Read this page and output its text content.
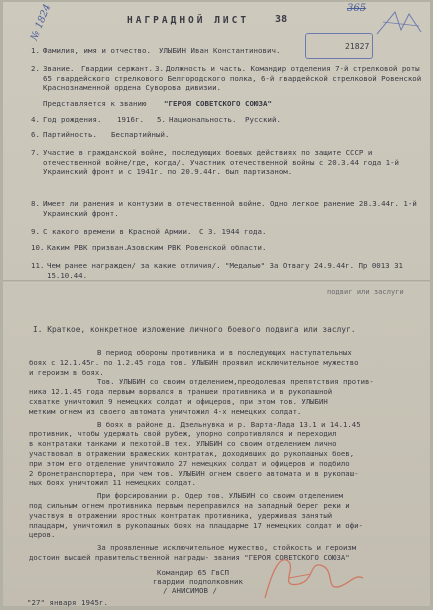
№ 1824	НАГРАДНОЙ ЛИСТ	38
365
21827
1. Фамилия, имя и отчество. УЛЫБИН Иван Константинович.
2. Звание. Гвардии сержант. 3. Должность и часть. Командир отделения 7-й стрелковой роты 65 гвардейского стрелкового Белгородского полка, 6-й гвардейской стрелковой Ровенской Краснознаменной ордена Суворова дивизии.
Представляется к званию "ГЕРОЯ СОВЕТСКОГО СОЮЗА"
4. Год рождения. 1916г. 5. Национальность. Русский.
6. Партийность. Беспартийный.
7. Участие в гражданской войне, последующих боевых действиях по защите СССР и отечественной войне/где, когда/. Участник отечественной войны с 20.3.44 года 1-й Украинский фронт и с 1941г. по 20.9.44г. был партизаном.
8. Имеет ли ранения и контузии в отечественной войне. Одно легкое ранение 28.3.44г. 1-й Украинский фронт.
9. С какого времени в Красной Армии. С 3. 1944 года.
10. Каким РВК призван. Азовским РВК Ровенской области.
11. Чем ранее награжден/ за какие отличия/. "Медалью" За Отвагу 24.9.44г. Пр 0013 31 15.10.44.
подвиг или заслуги
I. Краткое, конкретное изложение личного боевого подвига или заслуг.
В период обороны противника и в последующих наступательных
боях с 12.1.45г. по 1.2.45 года тов. УЛЫБИН проявил исключительное мужество
и героизм в боях.
Тов. УЛЫБИН со своим отделением,преодолевая препятствия против-
ника 12.1.45 года первым ворвался в траншеи противника и в рукопашной
схватке уничтожил 9 немецких солдат и офицеров, при этом тов. УЛЫБИН
метким огнем из своего автомата уничтожил 4-х немецких солдат.
В боях в районе д. Дзельнувка и р. Варта-Лада 13.1 и 14.1.45
противник, чтобы удержать свой рубеж, упорно сопротивлялся и переходил
в контратаки танками и пехотой.В тех. УЛЫБИН со своим отделением лично
участвовал в отражении вражеских контратак, доходивших до рукопашных боев,
при этом его отделение уничтожило 27 немецких солдат и офицеров и подбило
2 бронетранспортера, при чем тов. УЛЫБИН огнем своего автомата и в рукопаш-
ных боях уничтожил 11 немецких солдат.
При форсировании р. Одер тов. УЛЫБИН со своим отделением
под сильным огнем противника первым переправился на западный берег реки и
участвуя в отражении яростных контратак противника, удерживая занятый
плацдарм, уничтожил в рукопашных боях на плацдарме 17 немецких солдат и офи-
церов.
За проявленные исключительное мужество, стойкость и героизм
достоин высшей правительственной награды- звания "ГЕРОЯ СОВЕТСКОГО СОЮЗА"
Командир 65 ГвСП
гвардии подполковник
/ АНИСИМОВ /
"27" января 1945г.
